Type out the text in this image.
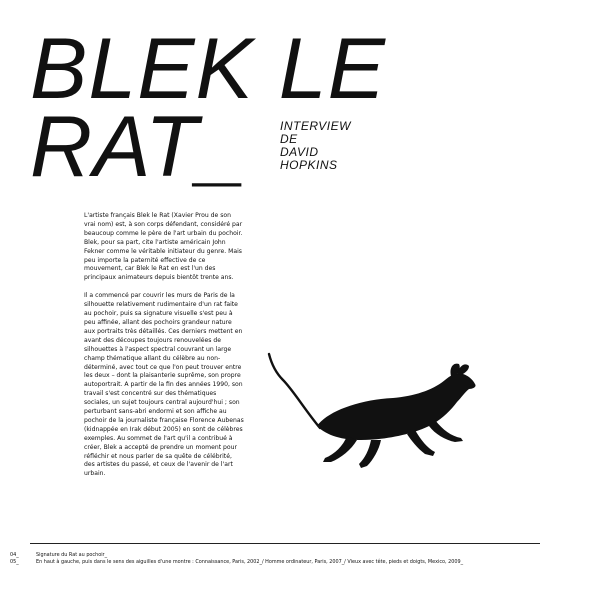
BLEK LE
RAT_	INTERVIEW
DE
DAVID
HOPKINS

L'artiste français Blek le Rat (Xavier Prou de son vrai nom) est, à son corps défendant, considéré par beaucoup comme le père de l'art urbain du pochoir. Blek, pour sa part, cite l'artiste américain John Fekner comme le véritable initiateur du genre. Mais peu importe la paternité effective de ce mouvement, car Blek le Rat en est l'un des principaux animateurs depuis bientôt trente ans.

Il a commencé par couvrir les murs de Paris de la silhouette relativement rudimentaire d'un rat faite au pochoir, puis sa signature visuelle s'est peu à peu affinée, allant des pochoirs grandeur nature aux portraits très détaillés. Ces derniers mettent en avant des découpes toujours renouvelées de silhouettes à l'aspect spectral couvrant un large champ thématique allant du célèbre au non-déterminé, avec tout ce que l'on peut trouver entre les deux – dont la plaisanterie suprême, son propre autoportrait. A partir de la fin des années 1990, son travail s'est concentré sur des thématiques sociales, un sujet toujours central aujourd'hui ; son perturbant sans-abri endormi et son affiche au pochoir de la journaliste française Florence Aubenas (kidnappée en Irak début 2005) en sont de célèbres exemples. Au sommet de l'art qu'il a contribué à créer, Blek a accepté de prendre un moment pour réfléchir et nous parler de sa quête de célébrité, des artistes du passé, et ceux de l'avenir de l'art urbain.

04_	Signature du Rat au pochoir_
05_	En haut à gauche, puis dans le sens des aiguilles d'une montre : Connaissance, Paris, 2002_/ Homme ordinateur, Paris, 2007_/ Vieux avec tête, pieds et doigts, Mexico, 2009_
